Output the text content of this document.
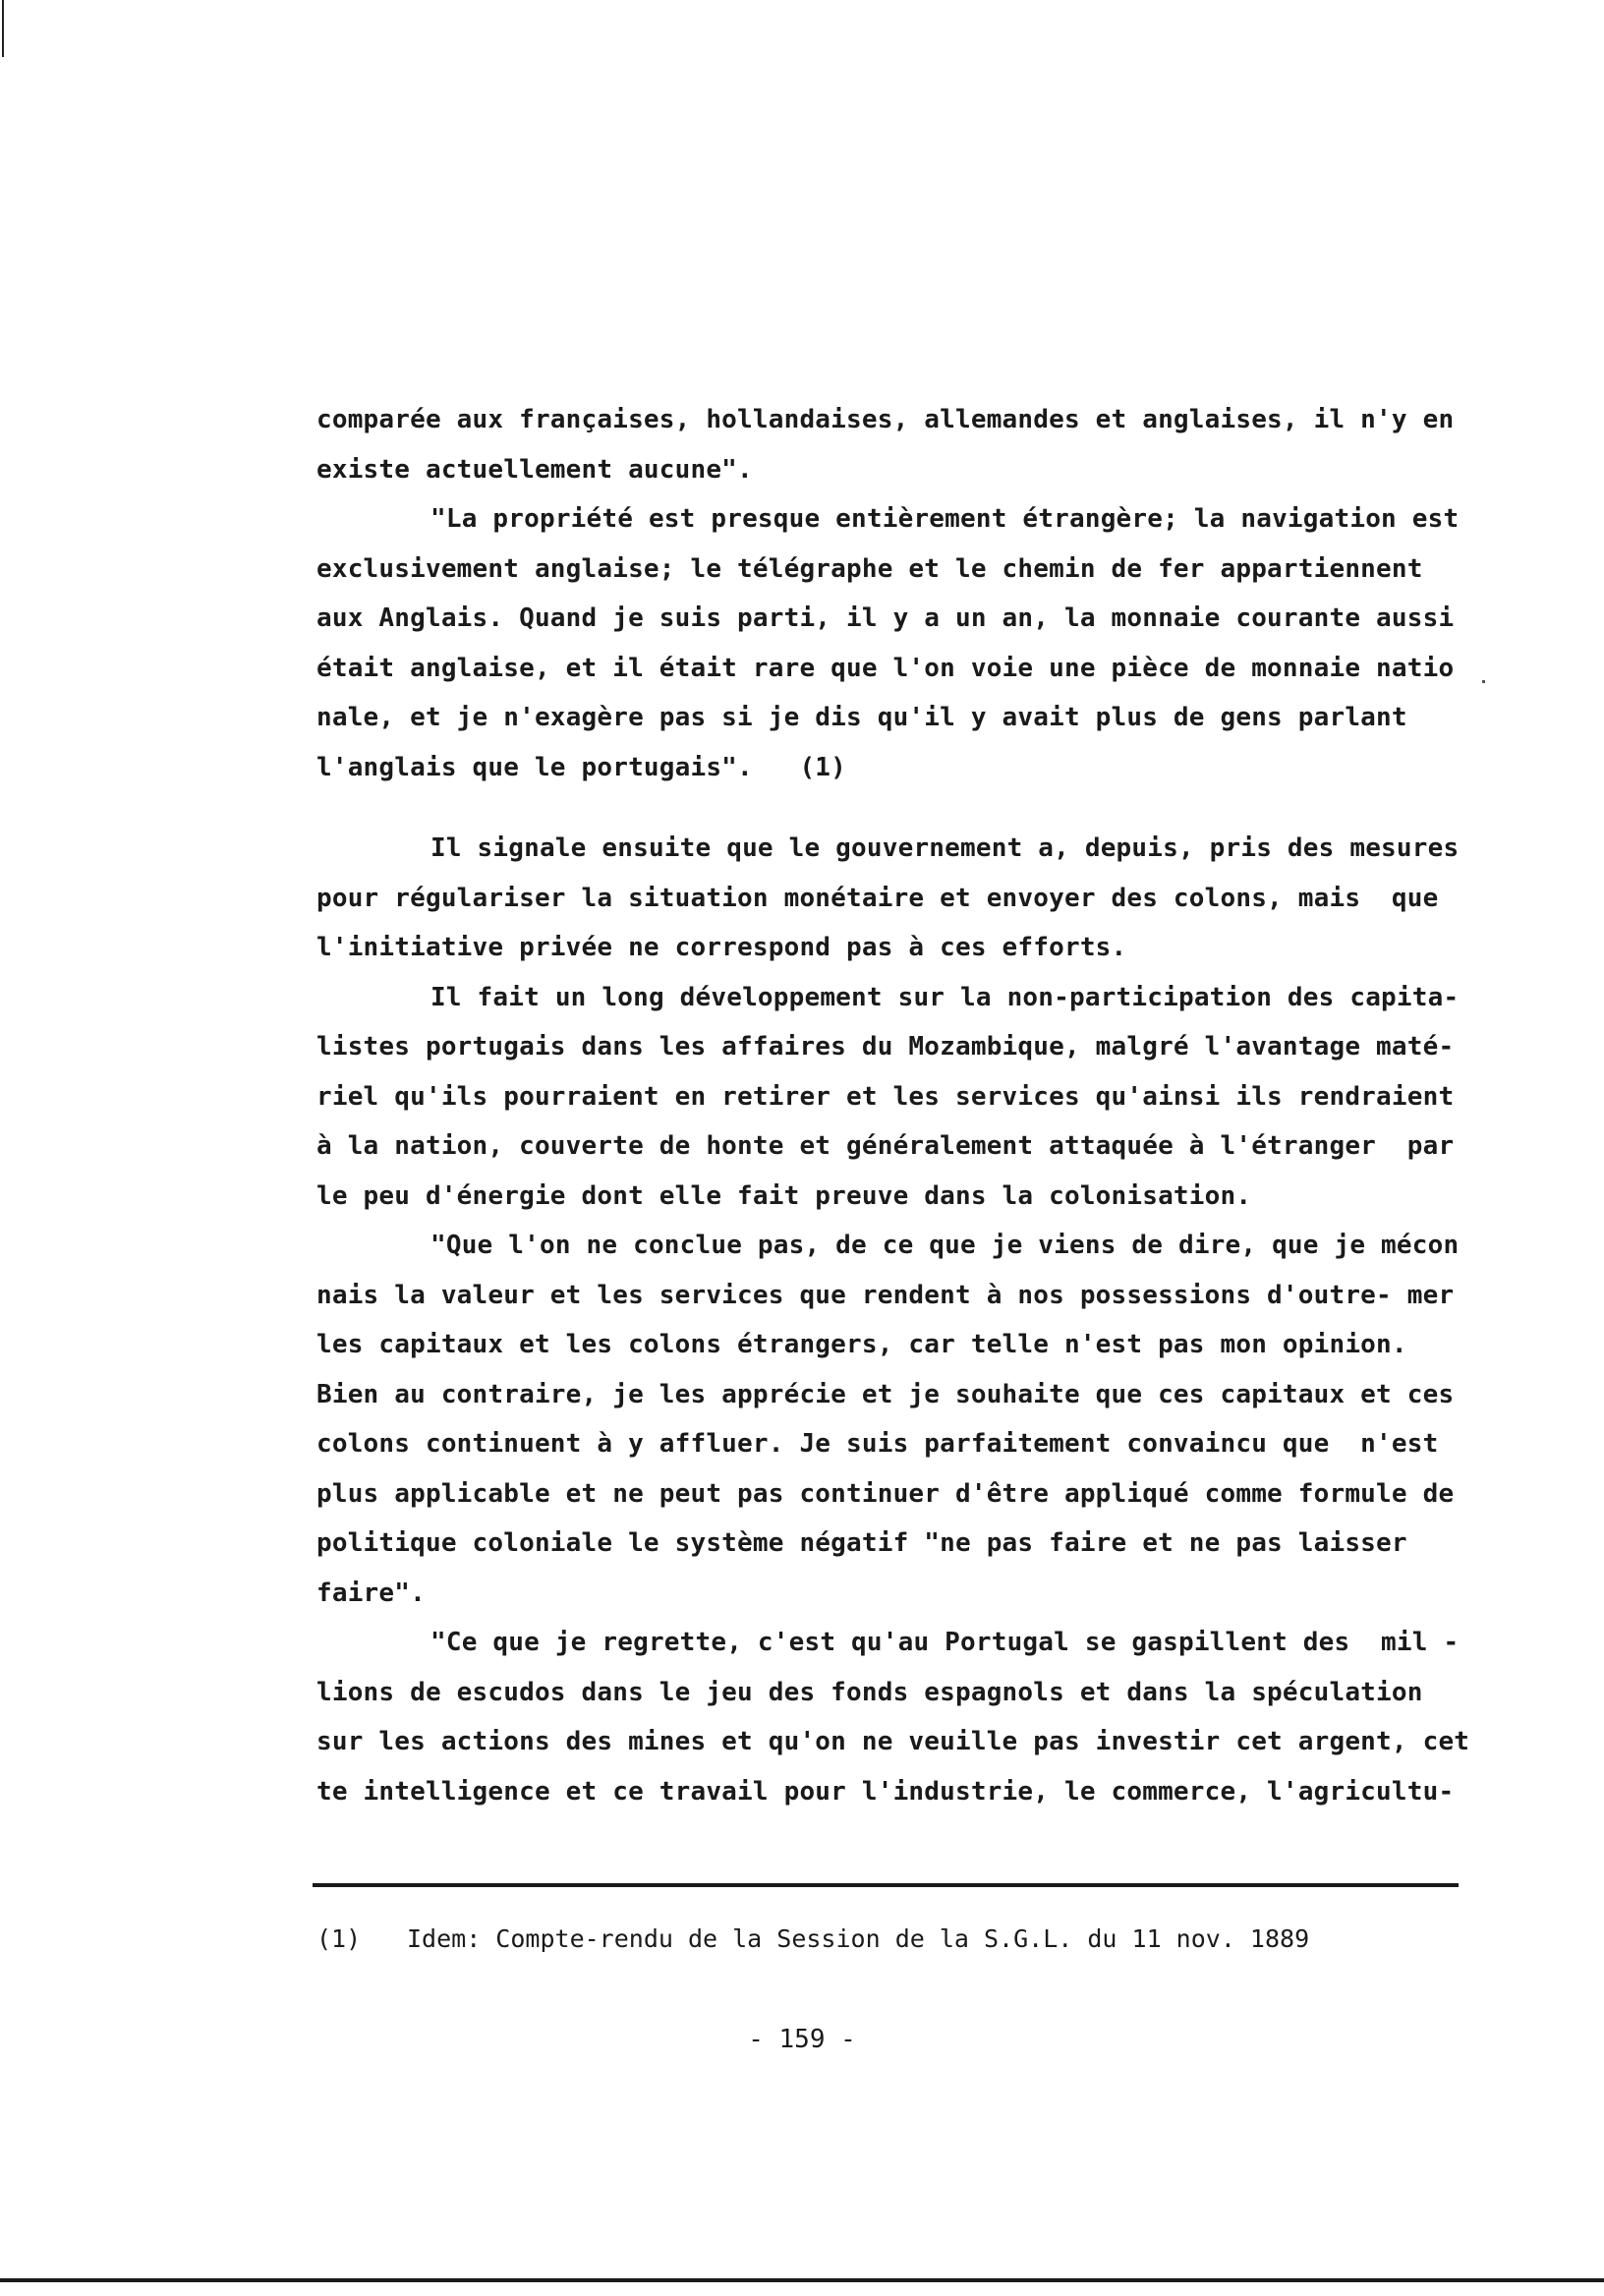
comparée aux françaises, hollandaises, allemandes et anglaises, il n'y en
existe actuellement aucune".
"La propriété est presque entièrement étrangère; la navigation est
exclusivement anglaise; le télégraphe et le chemin de fer appartiennent
aux Anglais. Quand je suis parti, il y a un an, la monnaie courante aussi
était anglaise, et il était rare que l'on voie une pièce de monnaie natio
nale, et je n'exagère pas si je dis qu'il y avait plus de gens parlant
l'anglais que le portugais".   (1)
Il signale ensuite que le gouvernement a, depuis, pris des mesures
pour régulariser la situation monétaire et envoyer des colons, mais  que
l'initiative privée ne correspond pas à ces efforts.
Il fait un long développement sur la non-participation des capita-
listes portugais dans les affaires du Mozambique, malgré l'avantage maté-
riel qu'ils pourraient en retirer et les services qu'ainsi ils rendraient
à la nation, couverte de honte et généralement attaquée à l'étranger  par
le peu d'énergie dont elle fait preuve dans la colonisation.
"Que l'on ne conclue pas, de ce que je viens de dire, que je mécon
nais la valeur et les services que rendent à nos possessions d'outre- mer
les capitaux et les colons étrangers, car telle n'est pas mon opinion.
Bien au contraire, je les apprécie et je souhaite que ces capitaux et ces
colons continuent à y affluer. Je suis parfaitement convaincu que  n'est
plus applicable et ne peut pas continuer d'être appliqué comme formule de
politique coloniale le système négatif "ne pas faire et ne pas laisser
faire".
"Ce que je regrette, c'est qu'au Portugal se gaspillent des  mil -
lions de escudos dans le jeu des fonds espagnols et dans la spéculation
sur les actions des mines et qu'on ne veuille pas investir cet argent, cet
te intelligence et ce travail pour l'industrie, le commerce, l'agricultu-
(1) Idem: Compte-rendu de la Session de la S.G.L. du 11 nov. 1889
- 159 -
